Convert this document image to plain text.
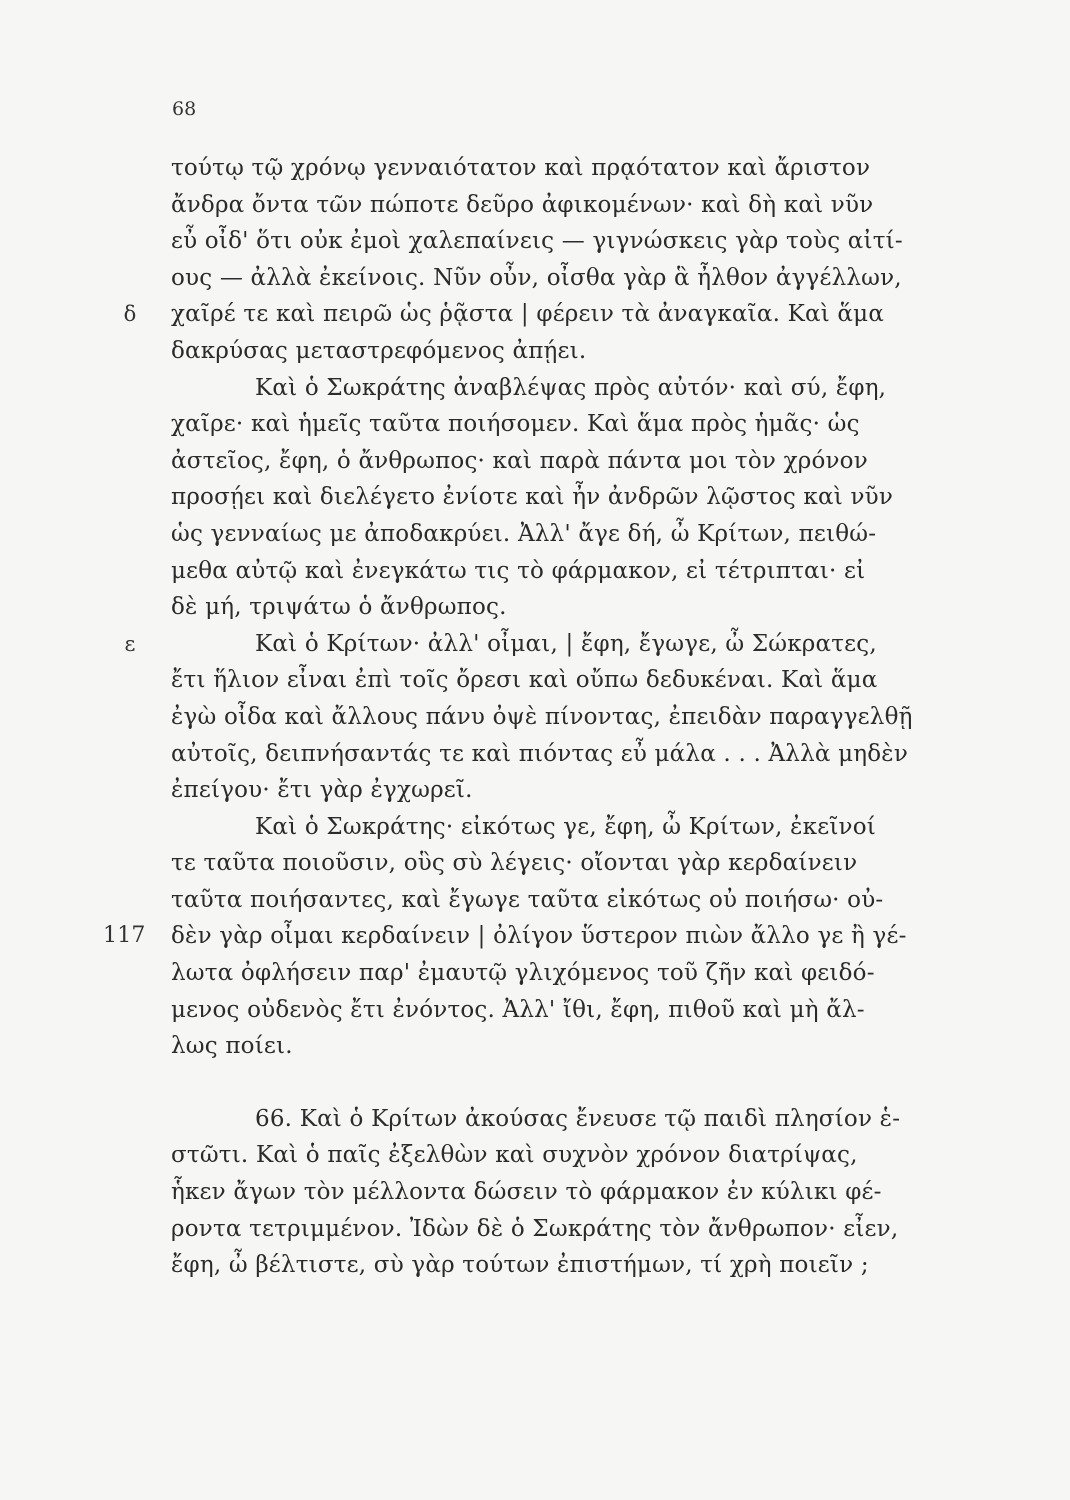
68
τούτῳ τῷ χρόνῳ γενναιότατον καὶ πρᾳότατον καὶ ἄριστον
ἄνδρα ὄντα τῶν πώποτε δεῦρο ἀφικομένων· καὶ δὴ καὶ νῦν
εὖ οἶδ' ὅτι οὐκ ἐμοὶ χαλεπαίνεις — γιγνώσκεις γὰρ τοὺς αἰτί-
ους — ἀλλὰ ἐκείνοις. Νῦν οὖν, οἶσθα γὰρ ἃ ἦλθον ἀγγέλλων,
δ	χαῖρέ τε καὶ πειρῶ ὡς ῥᾷστα | φέρειν τὰ ἀναγκαῖα. Καὶ ἅμα
δακρύσας μεταστρεφόμενος ἀπῄει.
Καὶ ὁ Σωκράτης ἀναβλέψας πρὸς αὐτόν· καὶ σύ, ἔφη,
χαῖρε· καὶ ἡμεῖς ταῦτα ποιήσομεν. Καὶ ἅμα πρὸς ἡμᾶς· ὡς
ἀστεῖος, ἔφη, ὁ ἄνθρωπος· καὶ παρὰ πάντα μοι τὸν χρόνον
προσῄει καὶ διελέγετο ἐνίοτε καὶ ἦν ἀνδρῶν λῷστος καὶ νῦν
ὡς γενναίως με ἀποδακρύει. Ἀλλ' ἄγε δή, ὦ Κρίτων, πειθώ-
μεθα αὐτῷ καὶ ἐνεγκάτω τις τὸ φάρμακον, εἰ τέτριπται· εἰ
δὲ μή, τριψάτω ὁ ἄνθρωπος.
ε	Καὶ ὁ Κρίτων· ἀλλ' οἶμαι, | ἔφη, ἔγωγε, ὦ Σώκρατες,
ἔτι ἥλιον εἶναι ἐπὶ τοῖς ὄρεσι καὶ οὔπω δεδυκέναι. Καὶ ἅμα
ἐγὼ οἶδα καὶ ἄλλους πάνυ ὀψὲ πίνοντας, ἐπειδὰν παραγγελθῇ
αὐτοῖς, δειπνήσαντάς τε καὶ πιόντας εὖ μάλα . . . Ἀλλὰ μηδὲν
ἐπείγου· ἔτι γὰρ ἐγχωρεῖ.
Καὶ ὁ Σωκράτης· εἰκότως γε, ἔφη, ὦ Κρίτων, ἐκεῖνοί
τε ταῦτα ποιοῦσιν, οὓς σὺ λέγεις· οἴονται γὰρ κερδαίνειν
ταῦτα ποιήσαντες, καὶ ἔγωγε ταῦτα εἰκότως οὐ ποιήσω· οὐ-
117	δὲν γὰρ οἶμαι κερδαίνειν | ὀλίγον ὕστερον πιὼν ἄλλο γε ἢ γέ-
λωτα ὀφλήσειν παρ' ἐμαυτῷ γλιχόμενος τοῦ ζῆν καὶ φειδό-
μενος οὐδενὸς ἔτι ἐνόντος. Ἀλλ' ἴθι, ἔφη, πιθοῦ καὶ μὴ ἄλ-
λως ποίει.
66. Καὶ ὁ Κρίτων ἀκούσας ἔνευσε τῷ παιδὶ πλησίον ἑ-
στῶτι. Καὶ ὁ παῖς ἐξελθὼν καὶ συχνὸν χρόνον διατρίψας,
ἧκεν ἄγων τὸν μέλλοντα δώσειν τὸ φάρμακον ἐν κύλικι φέ-
ροντα τετριμμένον. Ἰδὼν δὲ ὁ Σωκράτης τὸν ἄνθρωπον· εἶεν,
ἔφη, ὦ βέλτιστε, σὺ γὰρ τούτων ἐπιστήμων, τί χρὴ ποιεῖν ;
